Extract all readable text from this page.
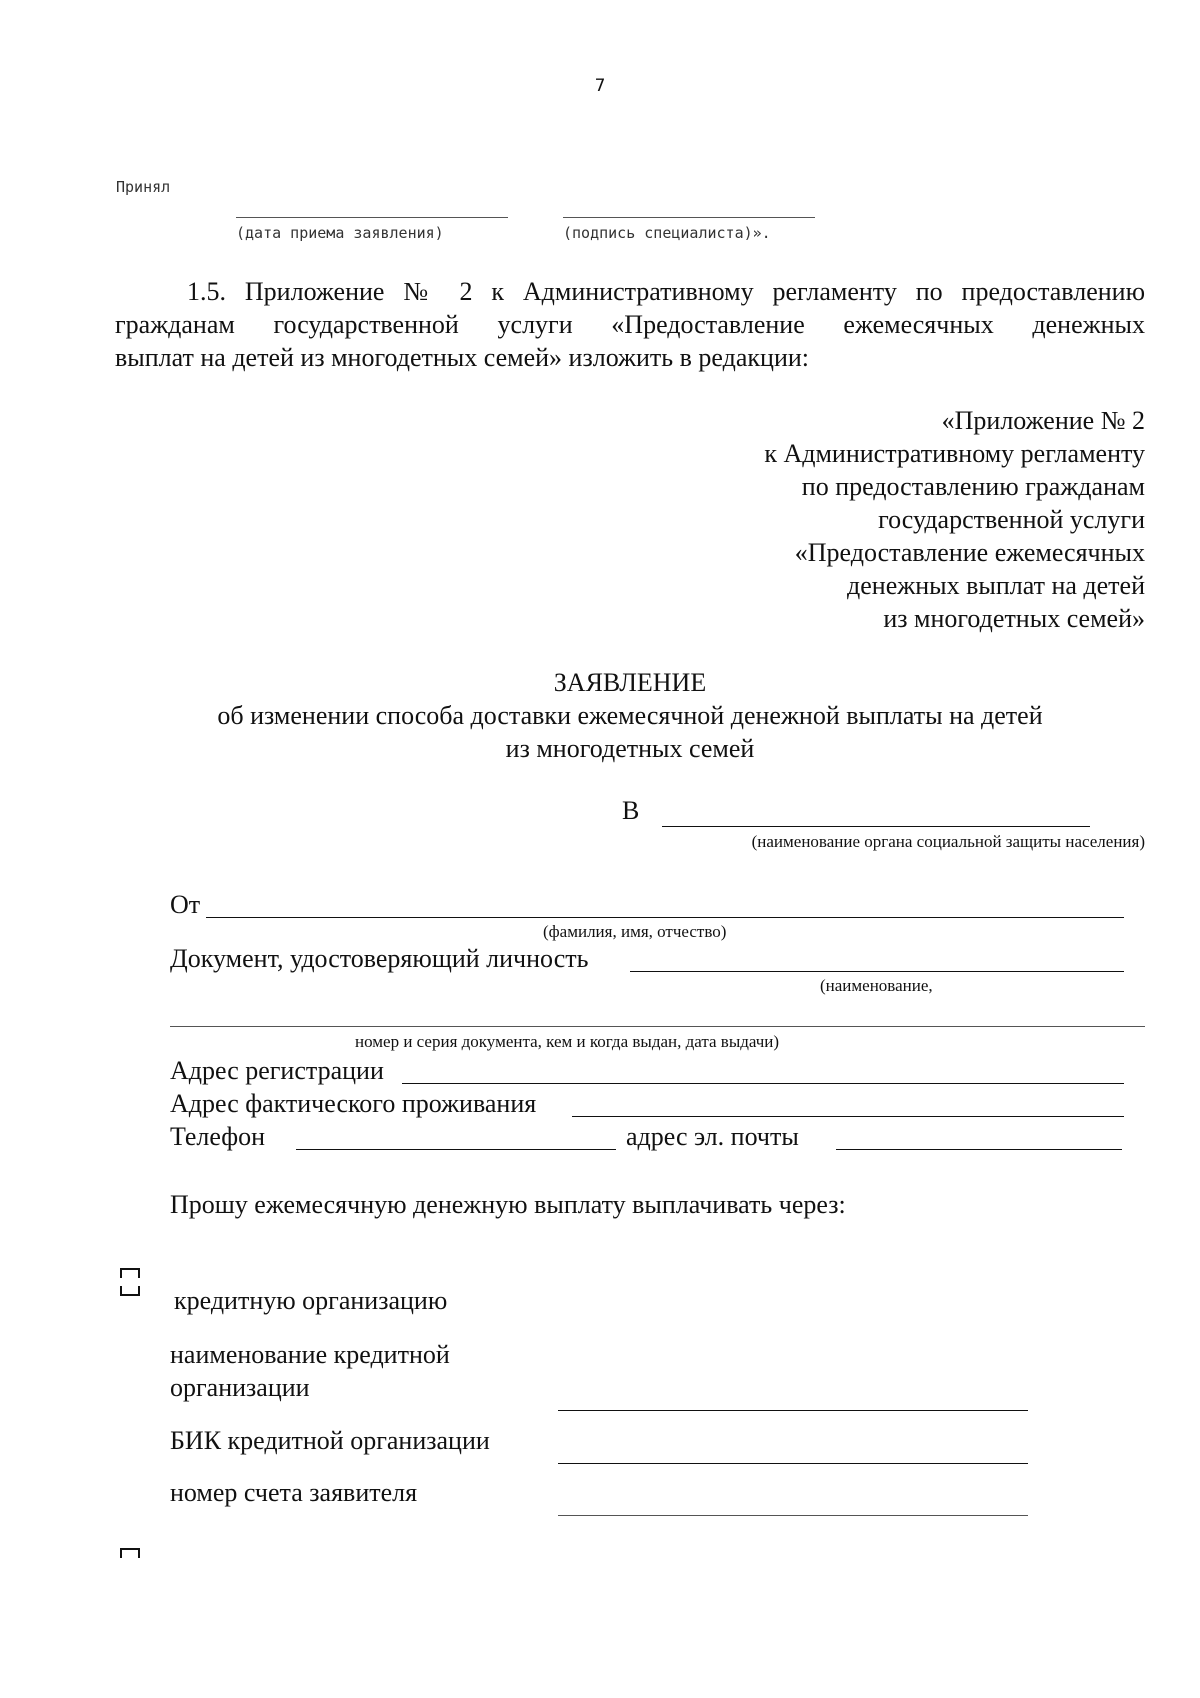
7
Принял
(дата приема заявления)	(подпись специалиста)».
1.5. Приложение № 2 к Административному регламенту по предоставлению
гражданам государственной услуги «Предоставление ежемесячных денежных
выплат на детей из многодетных семей» изложить в редакции:
«Приложение № 2
к Административному регламенту
по предоставлению гражданам
государственной услуги
«Предоставление ежемесячных
денежных выплат на детей
из многодетных семей»
ЗАЯВЛЕНИЕ
об изменении способа доставки ежемесячной денежной выплаты на детей
из многодетных семей
В
(наименование органа социальной защиты населения)
От
(фамилия, имя, отчество)
Документ, удостоверяющий личность
(наименование,
номер и серия документа, кем и когда выдан, дата выдачи)
Адрес регистрации
Адрес фактического проживания
Телефон	адрес эл. почты
Прошу ежемесячную денежную выплату выплачивать через:
кредитную организацию
наименование кредитной
организации
БИК кредитной организации
номер счета заявителя
